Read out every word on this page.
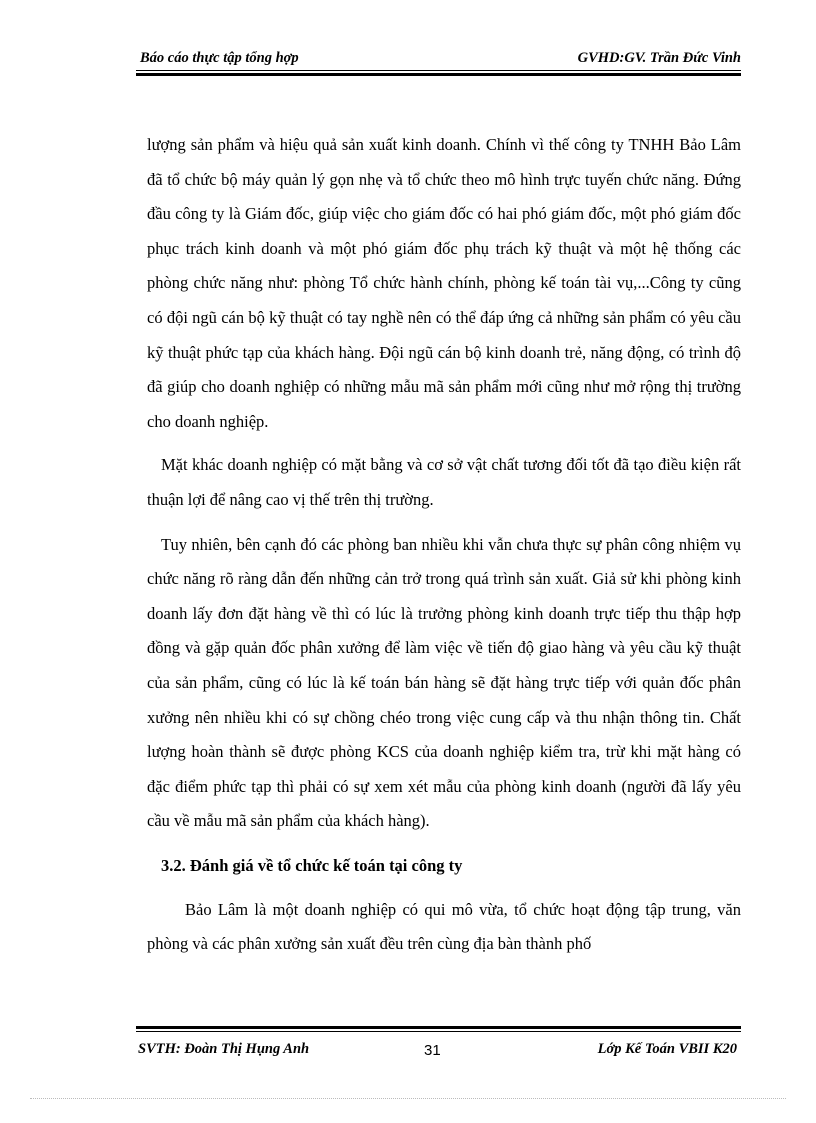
Báo cáo thực tập tổng hợp	GVHD:GV. Trần Đức Vinh

lượng sản phẩm và hiệu quả sản xuất kinh doanh. Chính vì thế công ty TNHH Bảo Lâm đã tổ chức bộ máy quản lý gọn nhẹ và tổ chức theo mô hình trực tuyến chức năng. Đứng đầu công ty là Giám đốc, giúp việc cho giám đốc có hai phó giám đốc, một phó giám đốc phục trách kinh doanh và một phó giám đốc phụ trách kỹ thuật và một hệ thống các phòng chức năng như: phòng Tổ chức hành chính, phòng kế toán tài vụ,...Công ty cũng có đội ngũ cán bộ kỹ thuật có tay nghề nên có thể đáp ứng cả những sản phẩm có yêu cầu kỹ thuật phức tạp của khách hàng. Đội ngũ cán bộ kinh doanh trẻ, năng động, có trình độ đã giúp cho doanh nghiệp có những mẫu mã sản phẩm mới cũng như mở rộng thị trường cho doanh nghiệp.

Mặt khác doanh nghiệp có mặt bằng và cơ sở vật chất tương đối tốt đã tạo điều kiện rất thuận lợi để nâng cao vị thế trên thị trường.

Tuy nhiên, bên cạnh đó các phòng ban nhiều khi vẫn chưa thực sự phân công nhiệm vụ chức năng rõ ràng dẫn đến những cản trở trong quá trình sản xuất. Giả sử khi phòng kinh doanh lấy đơn đặt hàng về thì có lúc là trưởng phòng kinh doanh trực tiếp thu thập hợp đồng và gặp quản đốc phân xưởng để làm việc về tiến độ giao hàng và yêu cầu kỹ thuật của sản phẩm, cũng có lúc là kế toán bán hàng sẽ đặt hàng trực tiếp với quản đốc phân xưởng nên nhiều khi có sự chồng chéo trong việc cung cấp và thu nhận thông tin. Chất lượng hoàn thành sẽ được phòng KCS của doanh nghiệp kiểm tra, trừ khi mặt hàng có đặc điểm phức tạp thì phải có sự xem xét mẫu của phòng kinh doanh (người đã lấy yêu cầu về mẫu mã sản phẩm của khách hàng).

3.2. Đánh giá về tổ chức kế toán tại công ty

Bảo Lâm là một doanh nghiệp có qui mô vừa, tổ chức hoạt động tập trung, văn phòng và các phân xưởng sản xuất đều trên cùng địa bàn thành phố

SVTH: Đoàn Thị Hụng Anh	31	Lớp Kế Toán VBII K20
